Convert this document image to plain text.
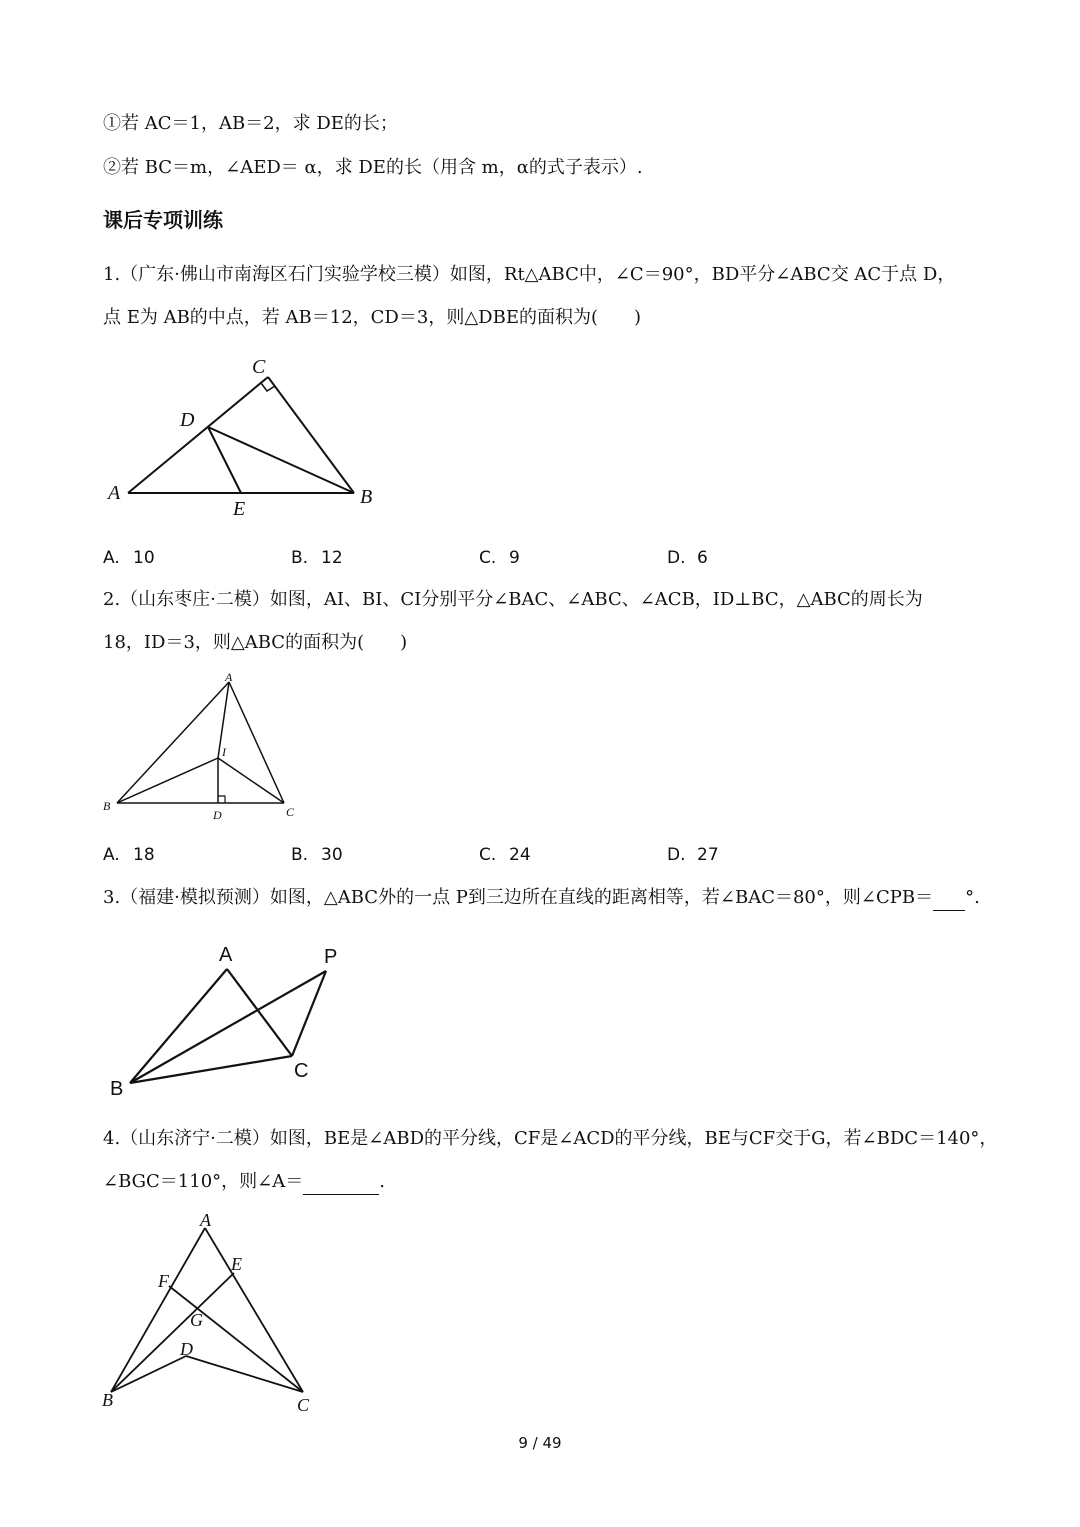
①若 AC＝1，AB＝2，求 DE的长；
②若 BC＝m，∠AED＝ α，求 DE的长（用含 m，α的式子表示）.
课后专项训练
1.（广东·佛山市南海区石门实验学校三模）如图，Rt△ABC中，∠C＝90°，BD平分∠ABC交 AC于点 D，
点 E为 AB的中点，若 AB＝12，CD＝3，则△DBE的面积为(　　)
A	B
C
D
E
A. 10	B. 12	C. 9	D. 6
2.（山东枣庄·二模）如图，AI、BI、CI分别平分∠BAC、∠ABC、∠ACB，ID⊥BC，△ABC的周长为
18，ID＝3，则△ABC的面积为(　　)
A
B	C
D
I
A. 18	B. 30	C. 24	D. 27
3.（福建·模拟预测）如图，△ABC外的一点 P到三边所在直线的距离相等，若∠BAC＝80°，则∠CPB＝ °.
A
B
C
P
4.（山东济宁·二模）如图，BE是∠ABD的平分线，CF是∠ACD的平分线，BE与CF交于G，若∠BDC＝140°，
∠BGC＝110°，则∠A＝	.
A
B	C
D
E
F
G
9 / 49
